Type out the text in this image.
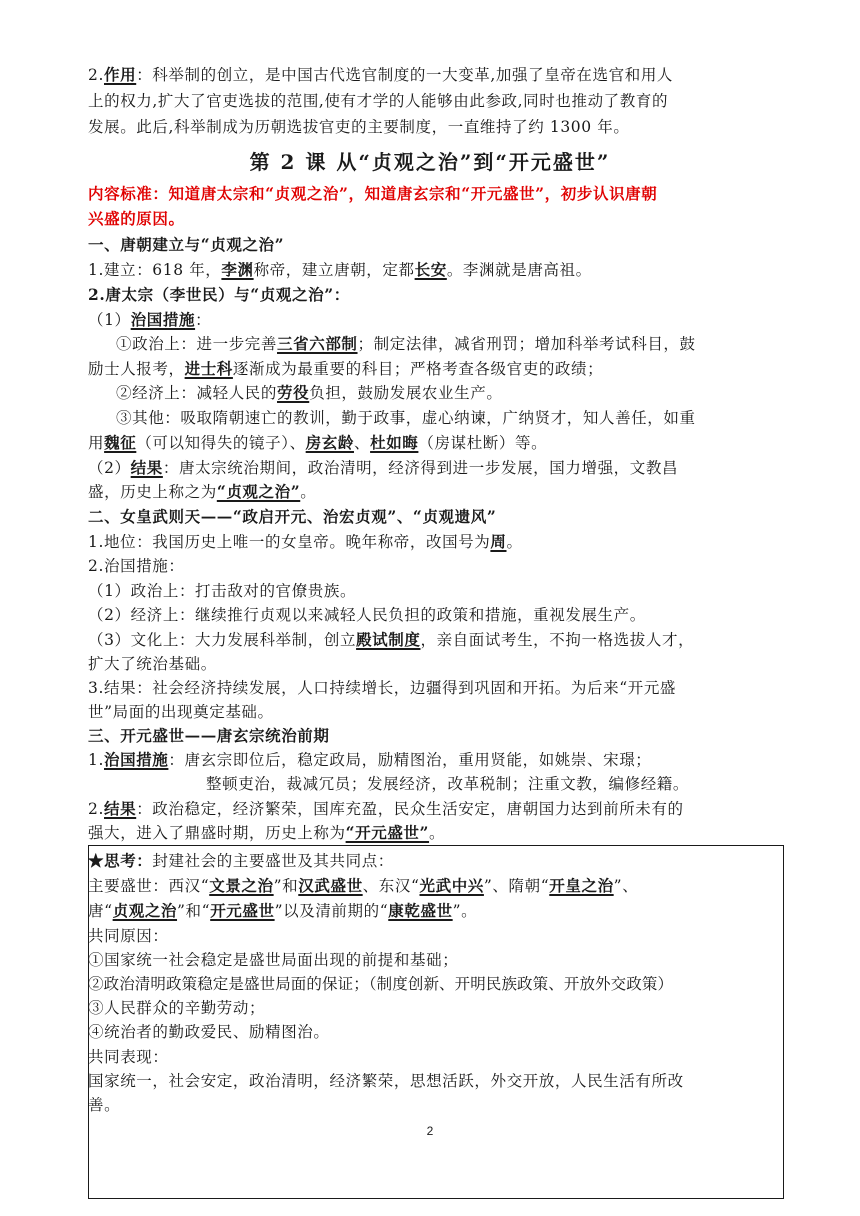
2.作用：科举制的创立，是中国古代选官制度的一大变革,加强了皇帝在选官和用人
上的权力,扩大了官吏选拔的范围,使有才学的人能够由此参政,同时也推动了教育的
发展。此后,科举制成为历朝选拔官吏的主要制度，一直维持了约 1300 年。
第 2 课 从“贞观之治”到“开元盛世”
内容标准：知道唐太宗和“贞观之治”，知道唐玄宗和“开元盛世”，初步认识唐朝
兴盛的原因。
一、唐朝建立与“贞观之治”
1.建立：618 年，李渊称帝，建立唐朝，定都长安。李渊就是唐高祖。
2.唐太宗（李世民）与“贞观之治”：
（1）治国措施：
①政治上：进一步完善三省六部制；制定法律，减省刑罚；增加科举考试科目，鼓
励士人报考，进士科逐渐成为最重要的科目；严格考查各级官吏的政绩；
②经济上：减轻人民的劳役负担，鼓励发展农业生产。
③其他：吸取隋朝速亡的教训，勤于政事，虚心纳谏，广纳贤才，知人善任，如重
用魏征（可以知得失的镜子）、房玄龄、杜如晦（房谋杜断）等。
（2）结果：唐太宗统治期间，政治清明，经济得到进一步发展，国力增强，文教昌
盛，历史上称之为“贞观之治”。
二、女皇武则天——“政启开元、治宏贞观”、“贞观遗风”
1.地位：我国历史上唯一的女皇帝。晚年称帝，改国号为周。
2.治国措施：
（1）政治上：打击敌对的官僚贵族。
（2）经济上：继续推行贞观以来减轻人民负担的政策和措施，重视发展生产。
（3）文化上：大力发展科举制，创立殿试制度，亲自面试考生，不拘一格选拔人才，
扩大了统治基础。
3.结果：社会经济持续发展，人口持续增长，边疆得到巩固和开拓。为后来“开元盛
世”局面的出现奠定基础。
三、开元盛世——唐玄宗统治前期
1.治国措施：唐玄宗即位后，稳定政局，励精图治，重用贤能，如姚崇、宋璟；
整顿吏治，裁减冗员；发展经济，改革税制；注重文教，编修经籍。
2.结果：政治稳定，经济繁荣，国库充盈，民众生活安定，唐朝国力达到前所未有的
强大，进入了鼎盛时期，历史上称为“开元盛世”。
★思考：封建社会的主要盛世及其共同点：
主要盛世：西汉“文景之治”和汉武盛世、东汉“光武中兴”、隋朝“开皇之治”、
唐“贞观之治”和“开元盛世”以及清前期的“康乾盛世”。
共同原因：
①国家统一社会稳定是盛世局面出现的前提和基础；
②政治清明政策稳定是盛世局面的保证；（制度创新、开明民族政策、开放外交政策）
③人民群众的辛勤劳动；
④统治者的勤政爱民、励精图治。
共同表现：
国家统一，社会安定，政治清明，经济繁荣，思想活跃，外交开放，人民生活有所改
善。
2
